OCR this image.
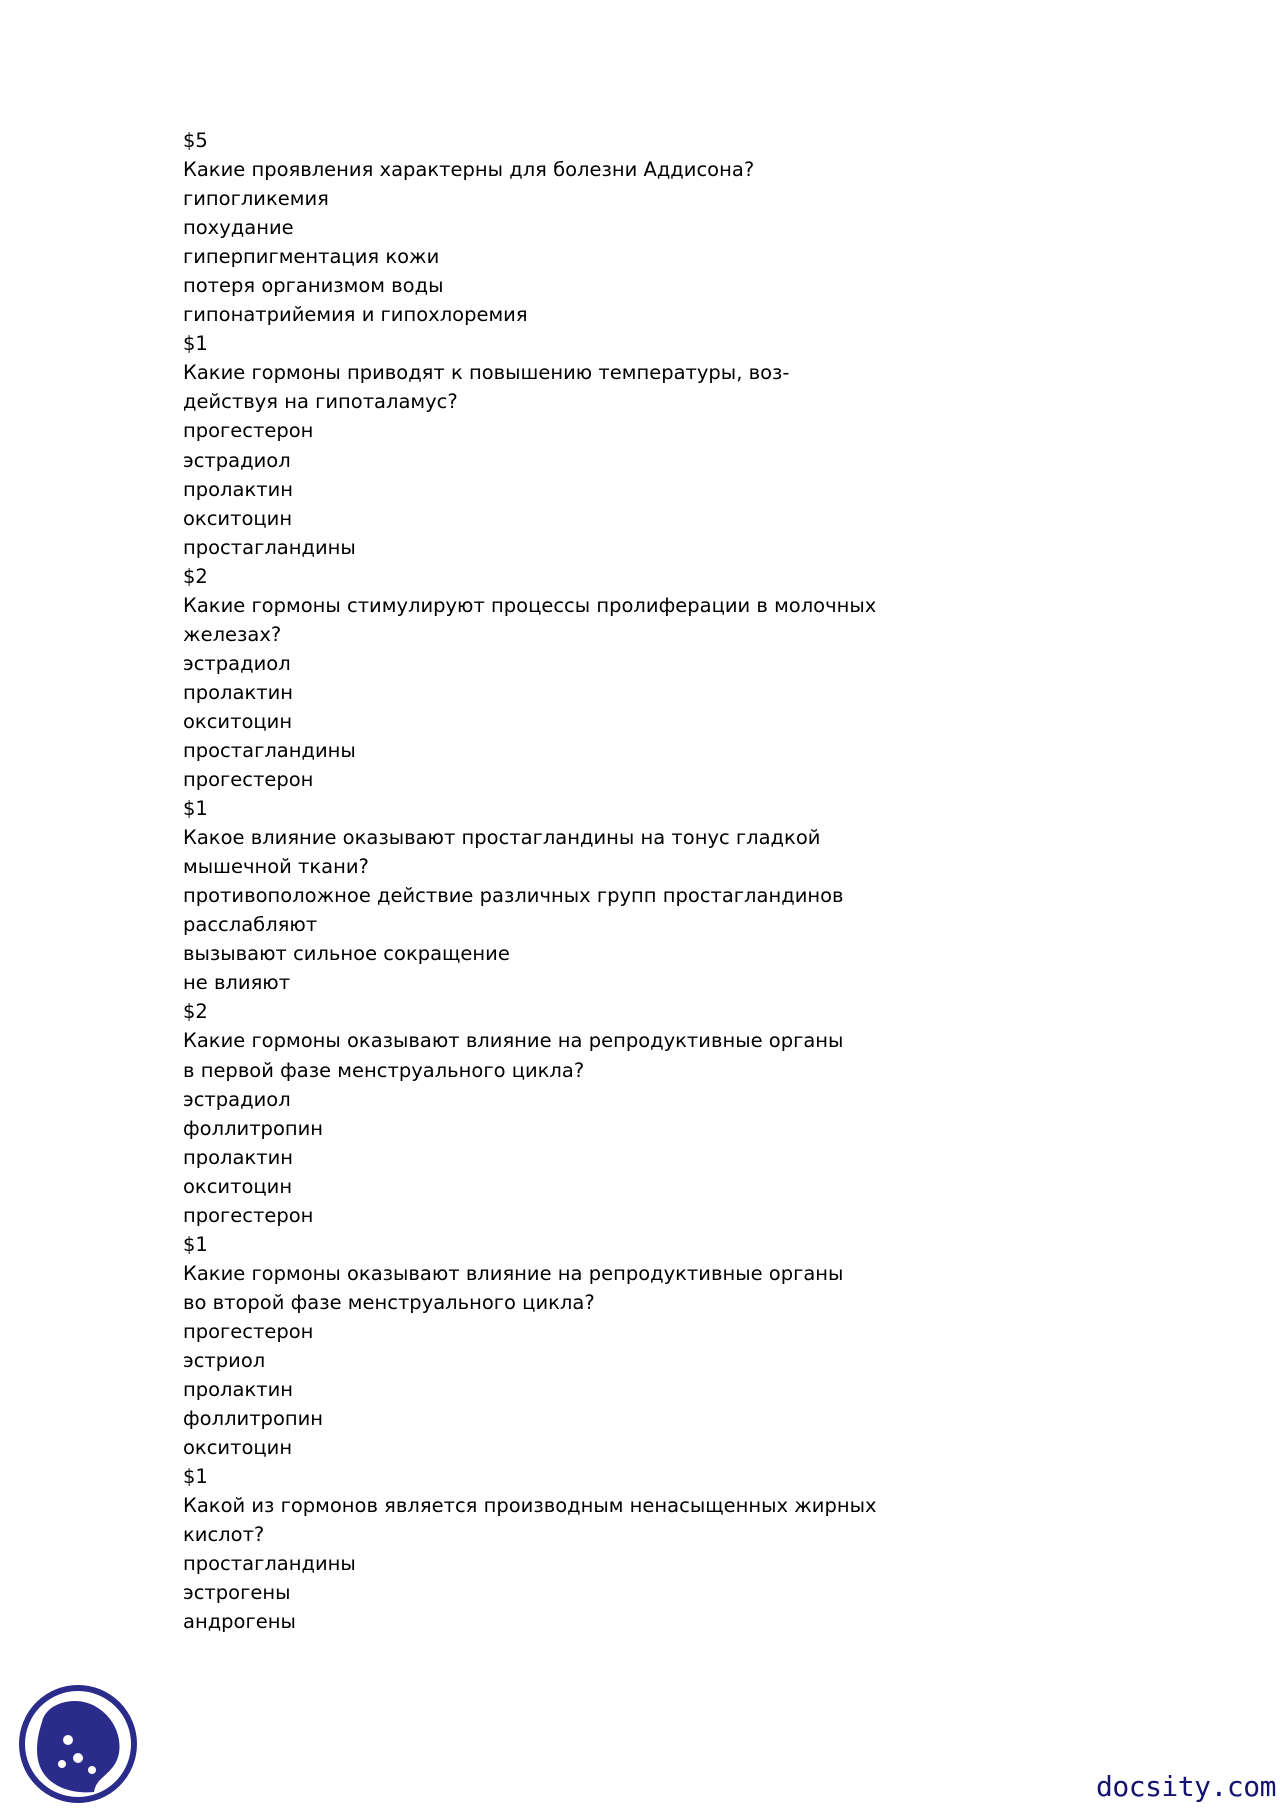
$5
Какие проявления характерны для болезни Аддисона?
гипогликемия
похудание
гиперпигментация кожи
потеря организмом воды
гипонатрийемия и гипохлоремия
$1
Какие гормоны приводят к повышению температуры, воз-
действуя на гипоталамус?
прогестерон
эстрадиол
пролактин
окситоцин
простагландины
$2
Какие гормоны стимулируют процессы пролиферации в молочных
железах?
эстрадиол
пролактин
окситоцин
простагландины
прогестерон
$1
Какое влияние оказывают простагландины на тонус гладкой
мышечной ткани?
противоположное действие различных групп простагландинов
расслабляют
вызывают сильное сокращение
не влияют
$2
Какие гормоны оказывают влияние на репродуктивные органы
в первой фазе менструального цикла?
эстрадиол
фоллитропин
пролактин
окситоцин
прогестерон
$1
Какие гормоны оказывают влияние на репродуктивные органы
во второй фазе менструального цикла?
прогестерон
эстриол
пролактин
фоллитропин
окситоцин
$1
Какой из гормонов является производным ненасыщенных жирных
кислот?
простагландины
эстрогены
андрогены
docsity.com
